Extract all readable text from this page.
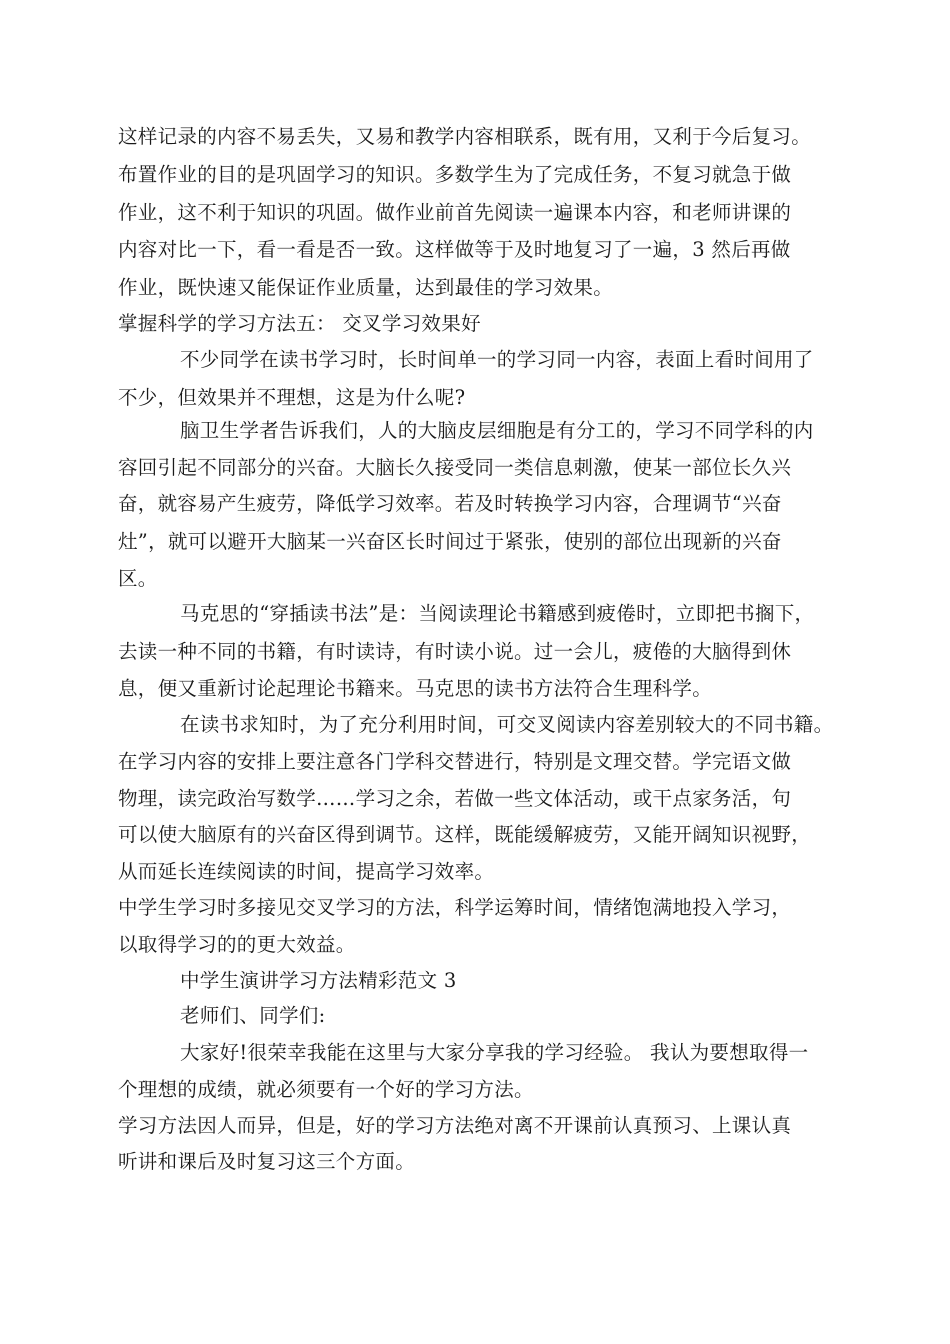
这样记录的内容不易丢失，又易和教学内容相联系，既有用，又利于今后复习。
布置作业的目的是巩固学习的知识。多数学生为了完成任务，不复习就急于做
作业，这不利于知识的巩固。做作业前首先阅读一遍课本内容，和老师讲课的
内容对比一下，看一看是否一致。这样做等于及时地复习了一遍，3 然后再做
作业，既快速又能保证作业质量，达到最佳的学习效果。
掌握科学的学习方法五： 交叉学习效果好
不少同学在读书学习时，长时间单一的学习同一内容，表面上看时间用了
不少，但效果并不理想，这是为什么呢?
脑卫生学者告诉我们，人的大脑皮层细胞是有分工的，学习不同学科的内
容回引起不同部分的兴奋。大脑长久接受同一类信息刺激，使某一部位长久兴
奋，就容易产生疲劳，降低学习效率。若及时转换学习内容，合理调节“兴奋
灶”，就可以避开大脑某一兴奋区长时间过于紧张，使别的部位出现新的兴奋
区。
马克思的“穿插读书法”是：当阅读理论书籍感到疲倦时，立即把书搁下，
去读一种不同的书籍，有时读诗，有时读小说。过一会儿，疲倦的大脑得到休
息，便又重新讨论起理论书籍来。马克思的读书方法符合生理科学。
在读书求知时，为了充分利用时间，可交叉阅读内容差别较大的不同书籍。
在学习内容的安排上要注意各门学科交替进行，特别是文理交替。学完语文做
物理，读完政治写数学……学习之余，若做一些文体活动，或干点家务活，句
可以使大脑原有的兴奋区得到调节。这样，既能缓解疲劳，又能开阔知识视野，
从而延长连续阅读的时间，提高学习效率。
中学生学习时多接见交叉学习的方法，科学运筹时间，情绪饱满地投入学习，
以取得学习的的更大效益。
中学生演讲学习方法精彩范文 3
老师们、同学们:
大家好!很荣幸我能在这里与大家分享我的学习经验。 我认为要想取得一
个理想的成绩，就必须要有一个好的学习方法。
学习方法因人而异，但是，好的学习方法绝对离不开课前认真预习、上课认真
听讲和课后及时复习这三个方面。
